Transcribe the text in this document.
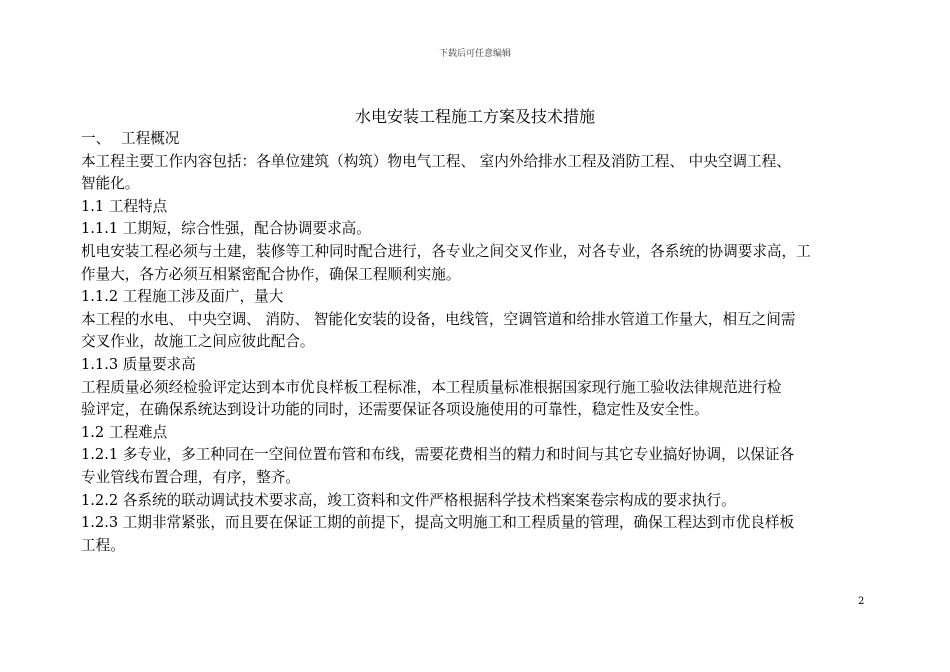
下载后可任意编辑
水电安装工程施工方案及技术措施
一、 工程概况
本工程主要工作内容包括：各单位建筑（构筑）物电气工程、 室内外给排水工程及消防工程、 中央空调工程、
智能化。
1.1 工程特点
1.1.1 工期短，综合性强，配合协调要求高。
机电安装工程必须与土建，装修等工种同时配合进行，各专业之间交叉作业，对各专业，各系统的协调要求高，工
作量大，各方必须互相紧密配合协作，确保工程顺利实施。
1.1.2 工程施工涉及面广，量大
本工程的水电、 中央空调、 消防、 智能化安装的设备，电线管，空调管道和给排水管道工作量大，相互之间需
交叉作业，故施工之间应彼此配合。
1.1.3 质量要求高
工程质量必须经检验评定达到本市优良样板工程标准，本工程质量标准根据国家现行施工验收法律规范进行检
验评定，在确保系统达到设计功能的同时，还需要保证各项设施使用的可靠性，稳定性及安全性。
1.2 工程难点
1.2.1 多专业，多工种同在一空间位置布管和布线，需要花费相当的精力和时间与其它专业搞好协调，以保证各
专业管线布置合理，有序，整齐。
1.2.2 各系统的联动调试技术要求高，竣工资料和文件严格根据科学技术档案案卷宗构成的要求执行。
1.2.3 工期非常紧张，而且要在保证工期的前提下，提高文明施工和工程质量的管理，确保工程达到市优良样板
工程。
2
